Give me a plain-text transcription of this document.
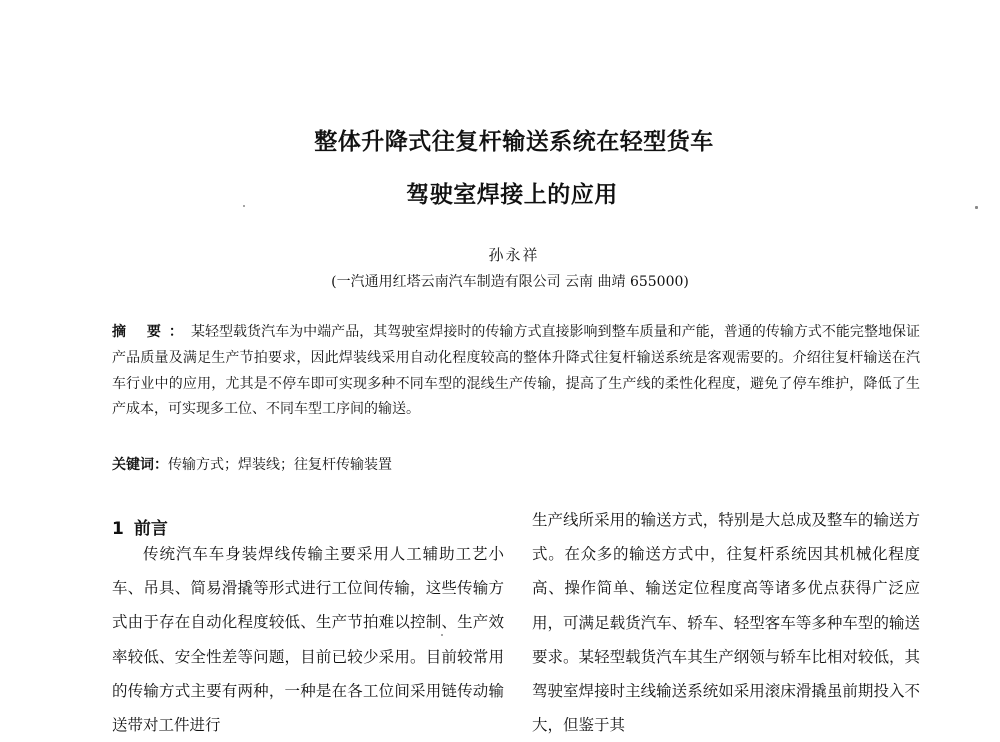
整体升降式往复杆输送系统在轻型货车
驾驶室焊接上的应用
孙永祥
(一汽通用红塔云南汽车制造有限公司 云南 曲靖 655000)
摘 要：某轻型载货汽车为中端产品，其驾驶室焊接时的传输方式直接影响到整车质量和产能，普通的传输方式不能完整地保证产品质量及满足生产节拍要求，因此焊装线采用自动化程度较高的整体升降式往复杆输送系统是客观需要的。介绍往复杆输送在汽车行业中的应用，尤其是不停车即可实现多种不同车型的混线生产传输，提高了生产线的柔性化程度，避免了停车维护，降低了生产成本，可实现多工位、不同车型工序间的输送。
关键词：传输方式；焊装线；往复杆传输装置
1 前言
传统汽车车身装焊线传输主要采用人工辅助工艺小车、吊具、简易滑撬等形式进行工位间传输，这些传输方式由于存在自动化程度较低、生产节拍难以控制、生产效率较低、安全性差等问题，目前已较少采用。目前较常用的传输方式主要有两种，一种是在各工位间采用链传动输送带对工件进行
生产线所采用的输送方式，特别是大总成及整车的输送方式。在众多的输送方式中，往复杆系统因其机械化程度高、操作简单、输送定位程度高等诸多优点获得广泛应用，可满足载货汽车、轿车、轻型客车等多种车型的输送要求。某轻型载货汽车其生产纲领与轿车比相对较低，其驾驶室焊接时主线输送系统如采用滚床滑撬虽前期投入不大，但鉴于其
